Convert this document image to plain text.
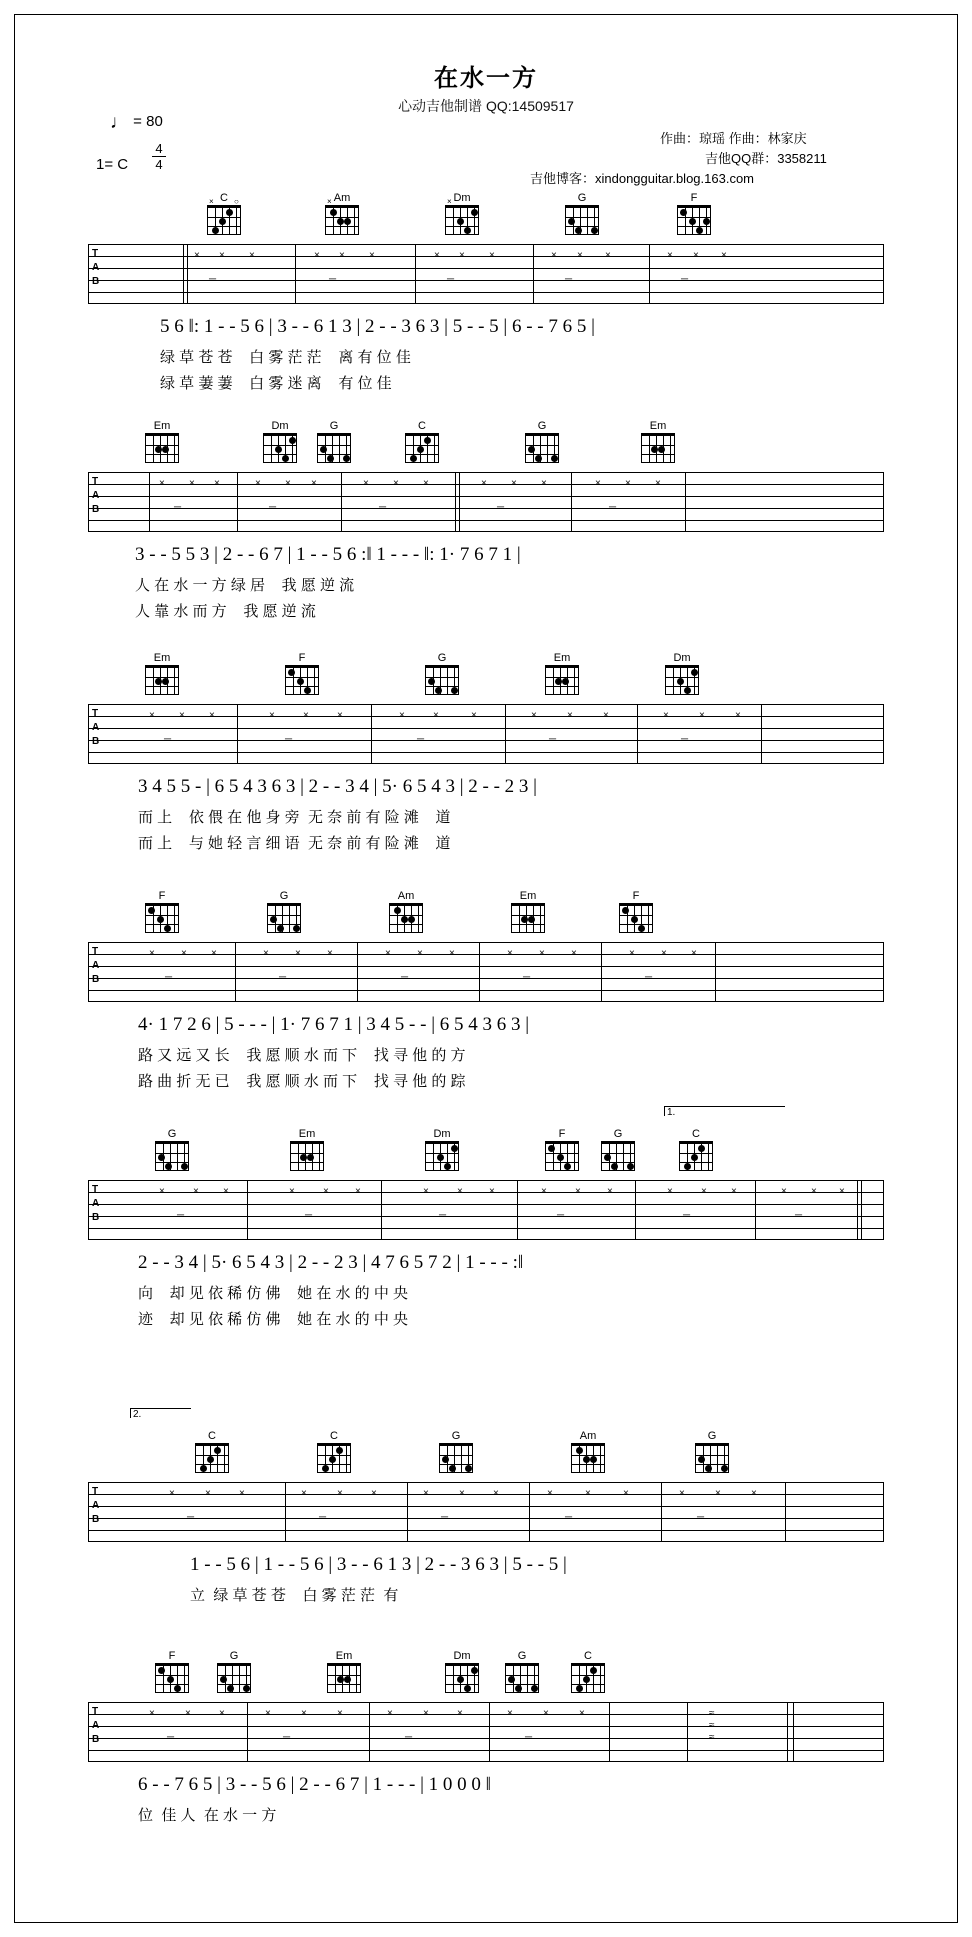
在水一方
心动吉他制谱 QQ:14509517
♩ = 80
1= C
4
4
作曲：琼瑶 作曲：林家庆
吉他QQ群：3358211
吉他博客：xindongguitar.blog.163.com
C
×	○	Am
×	Dm
×	G	F
T
A
B
× × ×
─
× × ×
─
× × ×
─
× × ×
─
× × ×
─
5 6 ‖: 1 - - 5 6 | 3 - - 6 1 3 | 2 - - 3 6 3 | 5 - - 5 | 6 - - 7 6 5 |
绿 草 苍 苍    白 雾 茫 茫    离 有 位 佳
绿 草 萋 萋    白 雾 迷 离    有 位 佳
Em	Dm	G	C	G	Em
T
A
B
× × ×
─
× × ×
─
× × ×
─
× × ×
─
× × ×
─
3 - - 5 5 3 | 2 - - 6 7 | 1 - - 5 6 :‖ 1 - - - ‖: 1· 7 6 7 1 |
人 在 水 一 方 绿 居    我 愿 逆 流
人 靠 水 而 方    我 愿 逆 流
Em	F	G	Em	Dm
T
A
B
× × ×
─
×	×	×
─
×	×	×
─
×	×	×
─
×	×	×
─
3 4 5 5 - | 6 5 4 3 6 3 | 2 - - 3 4 | 5· 6 5 4 3 | 2 - - 2 3 |
而 上    依 偎 在 他 身 旁  无 奈 前 有 险 滩    道
而 上    与 她 轻 言 细 语  无 奈 前 有 险 滩    道
F	G	Am	Em	F
T
A
B
×	× ×
─
×	×	×
─
×	×	×
─
×	×	×
─
×	× ×
─
4· 1 7 2 6 | 5 - - - | 1· 7 6 7 1 | 3 4 5 - - | 6 5 4 3 6 3 |
路 又 远 又 长    我 愿 顺 水 而 下    找 寻 他 的 方
路 曲 折 无 已    我 愿 顺 水 而 下    找 寻 他 的 踪
G	Em	Dm	F	G	C
T
A
B
×	× ×
─
×	×	×
─
×	×	×
─
×	×	×
─
×	× ×
─
× × ×
─
2 - - 3 4 | 5· 6 5 4 3 | 2 - - 2 3 | 4 7 6 5 7 2 | 1 - - - :‖
向    却 见 依 稀 仿 佛    她 在 水 的 中 央
迹    却 见 依 稀 仿 佛    她 在 水 的 中 央
1.
C	C	G	Am	G
T
A
B
×	×	×
─
×	×	×
─
×	×	×
─
×	×	×
─
×	×	×
─
1 - - 5 6 | 1 - - 5 6 | 3 - - 6 1 3 | 2 - - 3 6 3 | 5 - - 5 |
立  绿 草 苍 苍    白 雾 茫 茫  有
2.
F	G	Em	Dm	G	C
T
A
B
×	×	×
─
×	×	×
─
×	×	×
─
×	×	×
─
≈
≈
≈
6 - - 7 6 5 | 3 - - 5 6 | 2 - - 6 7 | 1 - - - | 1 0 0 0 ‖
位  佳 人  在 水 一 方
